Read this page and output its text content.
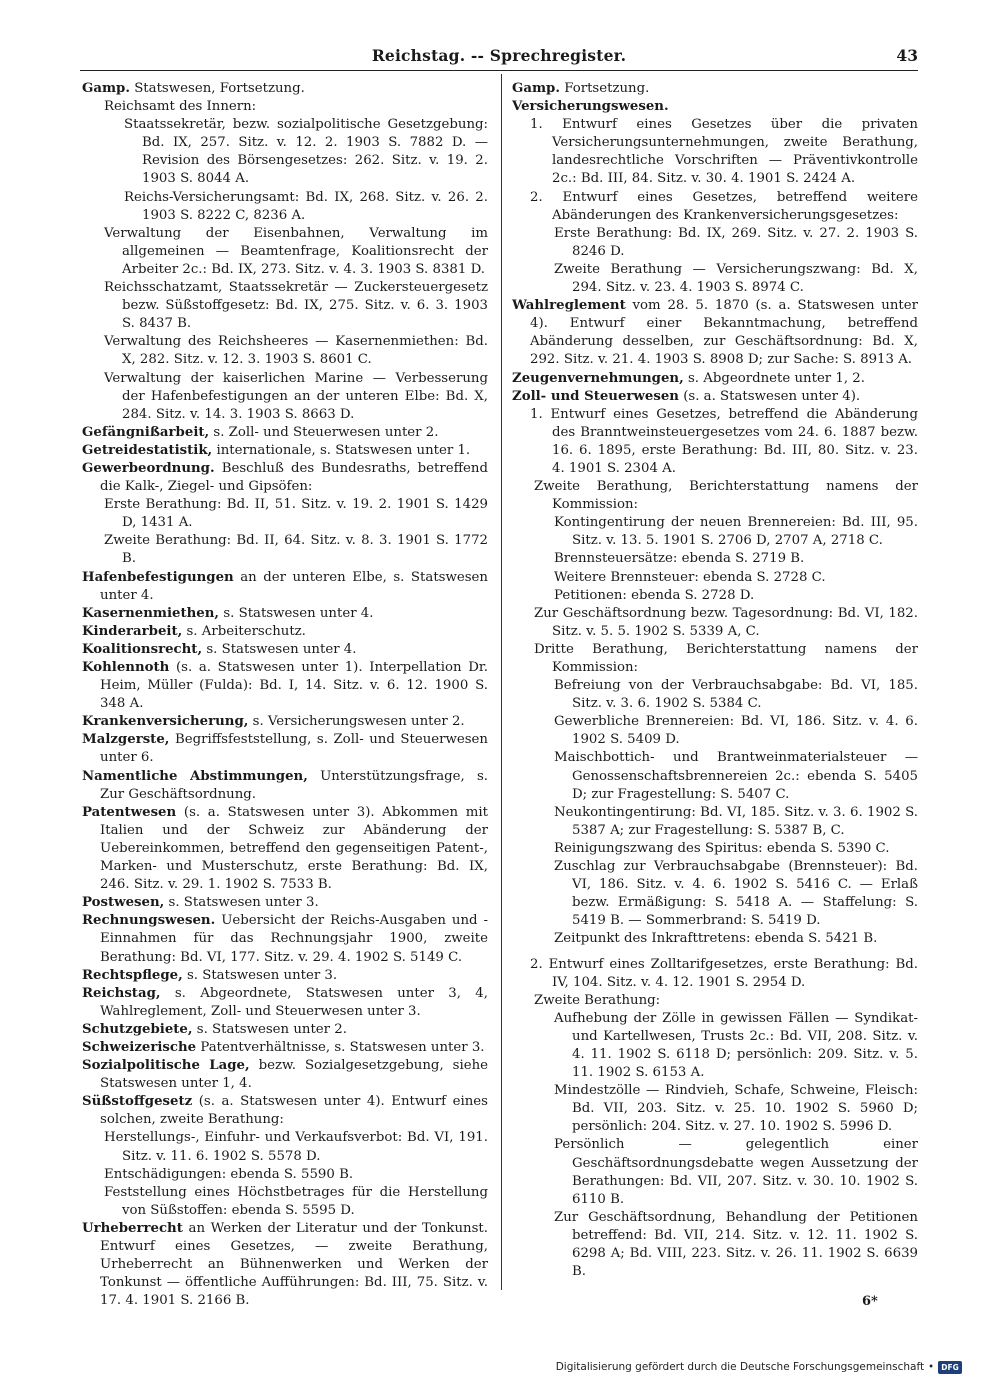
Reichstag. -- Sprechregister.	43

Gamp. Statswesen, Fortsetzung.

Reichsamt des Innern:

Staatssekretär, bezw. sozialpolitische Gesetzgebung: Bd. IX, 257. Sitz. v. 12. 2. 1903 S. 7882 D. — Revision des Börsengesetzes: 262. Sitz. v. 19. 2. 1903 S. 8044 A.

Reichs-Versicherungsamt: Bd. IX, 268. Sitz. v. 26. 2. 1903 S. 8222 C, 8236 A.

Verwaltung der Eisenbahnen, Verwaltung im allgemeinen — Beamtenfrage, Koalitionsrecht der Arbeiter 2c.: Bd. IX, 273. Sitz. v. 4. 3. 1903 S. 8381 D.

Reichsschatzamt, Staatssekretär — Zuckersteuergesetz bezw. Süßstoffgesetz: Bd. IX, 275. Sitz. v. 6. 3. 1903 S. 8437 B.

Verwaltung des Reichsheeres — Kasernenmiethen: Bd. X, 282. Sitz. v. 12. 3. 1903 S. 8601 C.

Verwaltung der kaiserlichen Marine — Verbesserung der Hafenbefestigungen an der unteren Elbe: Bd. X, 284. Sitz. v. 14. 3. 1903 S. 8663 D.

Gefängnißarbeit, s. Zoll- und Steuerwesen unter 2.

Getreidestatistik, internationale, s. Statswesen unter 1.

Gewerbeordnung. Beschluß des Bundesraths, betreffend die Kalk-, Ziegel- und Gipsöfen:

Erste Berathung: Bd. II, 51. Sitz. v. 19. 2. 1901 S. 1429 D, 1431 A.

Zweite Berathung: Bd. II, 64. Sitz. v. 8. 3. 1901 S. 1772 B.

Hafenbefestigungen an der unteren Elbe, s. Statswesen unter 4.

Kasernenmiethen, s. Statswesen unter 4.

Kinderarbeit, s. Arbeiterschutz.

Koalitionsrecht, s. Statswesen unter 4.

Kohlennoth (s. a. Statswesen unter 1). Interpellation Dr. Heim, Müller (Fulda): Bd. I, 14. Sitz. v. 6. 12. 1900 S. 348 A.

Krankenversicherung, s. Versicherungswesen unter 2.

Malzgerste, Begriffsfeststellung, s. Zoll- und Steuerwesen unter 6.

Namentliche Abstimmungen, Unterstützungsfrage, s. Zur Geschäftsordnung.

Patentwesen (s. a. Statswesen unter 3). Abkommen mit Italien und der Schweiz zur Abänderung der Uebereinkommen, betreffend den gegenseitigen Patent-, Marken- und Musterschutz, erste Berathung: Bd. IX, 246. Sitz. v. 29. 1. 1902 S. 7533 B.

Postwesen, s. Statswesen unter 3.

Rechnungswesen. Uebersicht der Reichs-Ausgaben und -Einnahmen für das Rechnungsjahr 1900, zweite Berathung: Bd. VI, 177. Sitz. v. 29. 4. 1902 S. 5149 C.

Rechtspflege, s. Statswesen unter 3.

Reichstag, s. Abgeordnete, Statswesen unter 3, 4, Wahlreglement, Zoll- und Steuerwesen unter 3.

Schutzgebiete, s. Statswesen unter 2.

Schweizerische Patentverhältnisse, s. Statswesen unter 3.

Sozialpolitische Lage, bezw. Sozialgesetzgebung, siehe Statswesen unter 1, 4.

Süßstoffgesetz (s. a. Statswesen unter 4). Entwurf eines solchen, zweite Berathung:

Herstellungs-, Einfuhr- und Verkaufsverbot: Bd. VI, 191. Sitz. v. 11. 6. 1902 S. 5578 D.

Entschädigungen: ebenda S. 5590 B.

Feststellung eines Höchstbetrages für die Herstellung von Süßstoffen: ebenda S. 5595 D.

Urheberrecht an Werken der Literatur und der Tonkunst. Entwurf eines Gesetzes, — zweite Berathung, Urheberrecht an Bühnenwerken und Werken der Tonkunst — öffentliche Aufführungen: Bd. III, 75. Sitz. v. 17. 4. 1901 S. 2166 B.

Gamp. Fortsetzung.

Versicherungswesen.

1. Entwurf eines Gesetzes über die privaten Versicherungsunternehmungen, zweite Berathung, landesrechtliche Vorschriften — Präventivkontrolle 2c.: Bd. III, 84. Sitz. v. 30. 4. 1901 S. 2424 A.

2. Entwurf eines Gesetzes, betreffend weitere Abänderungen des Krankenversicherungsgesetzes:

Erste Berathung: Bd. IX, 269. Sitz. v. 27. 2. 1903 S. 8246 D.

Zweite Berathung — Versicherungszwang: Bd. X, 294. Sitz. v. 23. 4. 1903 S. 8974 C.

Wahlreglement vom 28. 5. 1870 (s. a. Statswesen unter 4). Entwurf einer Bekanntmachung, betreffend Abänderung desselben, zur Geschäftsordnung: Bd. X, 292. Sitz. v. 21. 4. 1903 S. 8908 D; zur Sache: S. 8913 A.

Zeugenvernehmungen, s. Abgeordnete unter 1, 2.

Zoll- und Steuerwesen (s. a. Statswesen unter 4).

1. Entwurf eines Gesetzes, betreffend die Abänderung des Branntweinsteuergesetzes vom 24. 6. 1887 bezw. 16. 6. 1895, erste Berathung: Bd. III, 80. Sitz. v. 23. 4. 1901 S. 2304 A.

Zweite Berathung, Berichterstattung namens der Kommission:

Kontingentirung der neuen Brennereien: Bd. III, 95. Sitz. v. 13. 5. 1901 S. 2706 D, 2707 A, 2718 C.

Brennsteuersätze: ebenda S. 2719 B.

Weitere Brennsteuer: ebenda S. 2728 C.

Petitionen: ebenda S. 2728 D.

Zur Geschäftsordnung bezw. Tagesordnung: Bd. VI, 182. Sitz. v. 5. 5. 1902 S. 5339 A, C.

Dritte Berathung, Berichterstattung namens der Kommission:

Befreiung von der Verbrauchsabgabe: Bd. VI, 185. Sitz. v. 3. 6. 1902 S. 5384 C.

Gewerbliche Brennereien: Bd. VI, 186. Sitz. v. 4. 6. 1902 S. 5409 D.

Maischbottich- und Brantweinmaterialsteuer — Genossenschaftsbrennereien 2c.: ebenda S. 5405 D; zur Fragestellung: S. 5407 C.

Neukontingentirung: Bd. VI, 185. Sitz. v. 3. 6. 1902 S. 5387 A; zur Fragestellung: S. 5387 B, C.

Reinigungszwang des Spiritus: ebenda S. 5390 C.

Zuschlag zur Verbrauchsabgabe (Brennsteuer): Bd. VI, 186. Sitz. v. 4. 6. 1902 S. 5416 C. — Erlaß bezw. Ermäßigung: S. 5418 A. — Staffelung: S. 5419 B. — Sommerbrand: S. 5419 D.

Zeitpunkt des Inkrafttretens: ebenda S. 5421 B.

2. Entwurf eines Zolltarifgesetzes, erste Berathung: Bd. IV, 104. Sitz. v. 4. 12. 1901 S. 2954 D.

Zweite Berathung:

Aufhebung der Zölle in gewissen Fällen — Syndikat- und Kartellwesen, Trusts 2c.: Bd. VII, 208. Sitz. v. 4. 11. 1902 S. 6118 D; persönlich: 209. Sitz. v. 5. 11. 1902 S. 6153 A.

Mindestzölle — Rindvieh, Schafe, Schweine, Fleisch: Bd. VII, 203. Sitz. v. 25. 10. 1902 S. 5960 D; persönlich: 204. Sitz. v. 27. 10. 1902 S. 5996 D.

Persönlich — gelegentlich einer Geschäftsordnungsdebatte wegen Aussetzung der Berathungen: Bd. VII, 207. Sitz. v. 30. 10. 1902 S. 6110 B.

Zur Geschäftsordnung, Behandlung der Petitionen betreffend: Bd. VII, 214. Sitz. v. 12. 11. 1902 S. 6298 A; Bd. VIII, 223. Sitz. v. 26. 11. 1902 S. 6639 B.

6*
Digitalisierung gefördert durch die Deutsche Forschungsgemeinschaft • DFG
